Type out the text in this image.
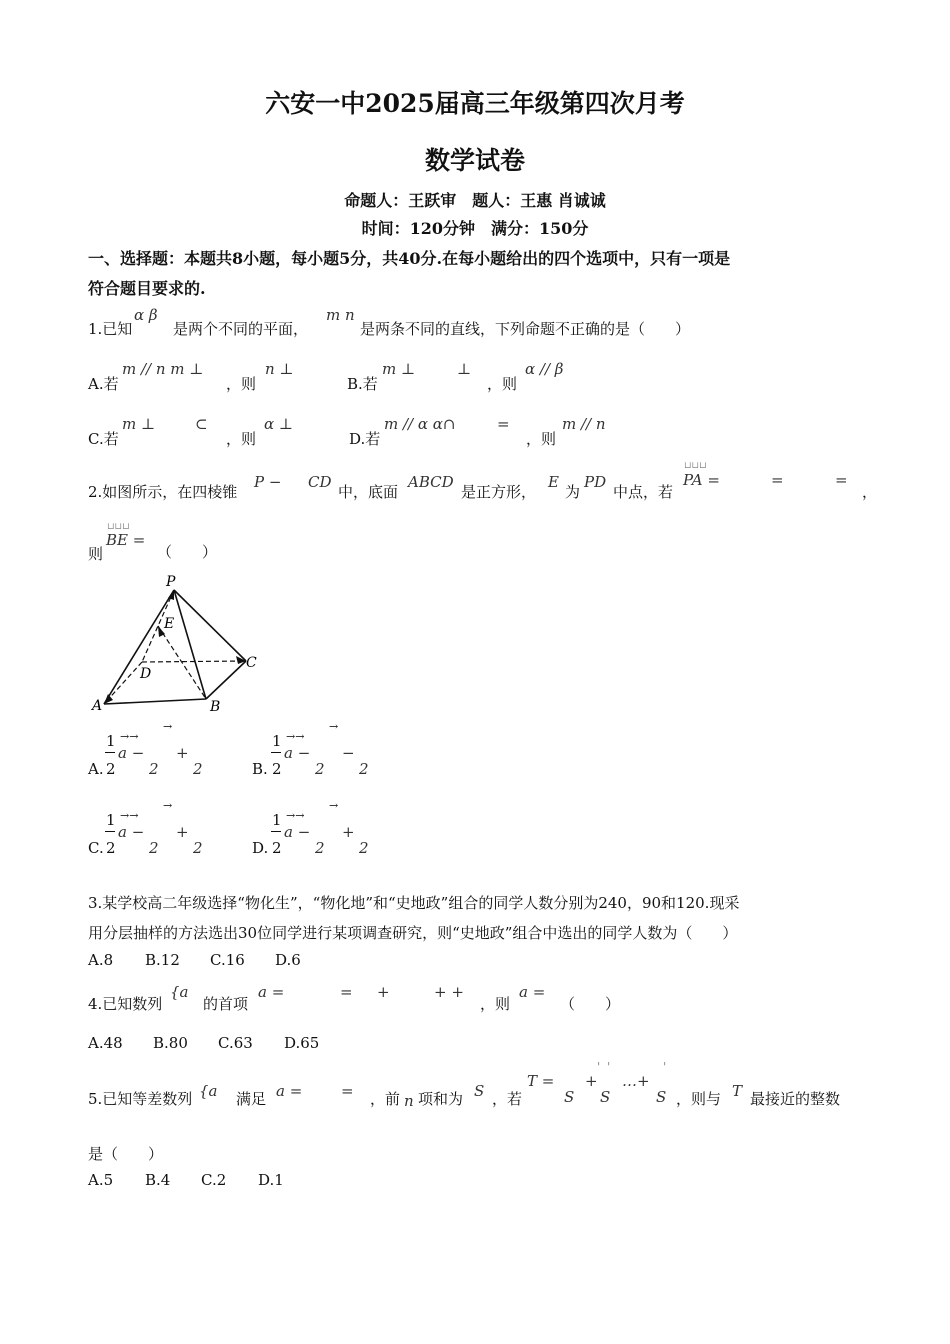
六安一中2025届高三年级第四次月考
数学试卷
命题人：王跃审　题人：王惠 肖诚诚
时间：120分钟　满分：150分
一、选择题：本题共8小题，每小题5分，共40分.在每小题给出的四个选项中，只有一项是
符合题目要求的.
1.已知
α β
是两个不同的平面，
m n
是两条不同的直线，下列命题不正确的是（　　）
A.若
m // n m ⊥
，则
n ⊥
B.若
m ⊥	⊥
，则
α // β
C.若
m ⊥	⊂
，则
α ⊥
D.若
m // α α∩	=
，则
m // n
2.如图所示，在四棱锥
P − CD
中，底面
ABCD
是正方形，
E
为
PD
中点，若
⊔⊔⊔
PA =	=	=
，
则
⊔⊔⊔
BE =
（　　）
P
E
C
D
A	B
A.
1
2
→→
a −
→
2
+
2	B.
1
2
→→
a −
→
2
−
2
C.
1
2
→→
a −
→
2
+
2	D.
1
2
→→
a −
→
2
+
2
3.某学校高二年级选择“物化生”，“物化地”和“史地政”组合的同学人数分别为240，90和120.现采
用分层抽样的方法选出30位同学进行某项调查研究，则“史地政”组合中选出的同学人数为（　　）
A.8 B.12 C.16 D.6
4.已知数列
{a
的首项
a =	= +	+ +
，则
a =
（　　）
A.48 B.80 C.63 D.65
5.已知等差数列 {a 满足 a =	= ，前 n 项和为 S ，若
T =
'
+
S
'
S
…+
'
S ，则与 T 最接近的整数
是（　　）
A.5 B.4 C.2 D.1
